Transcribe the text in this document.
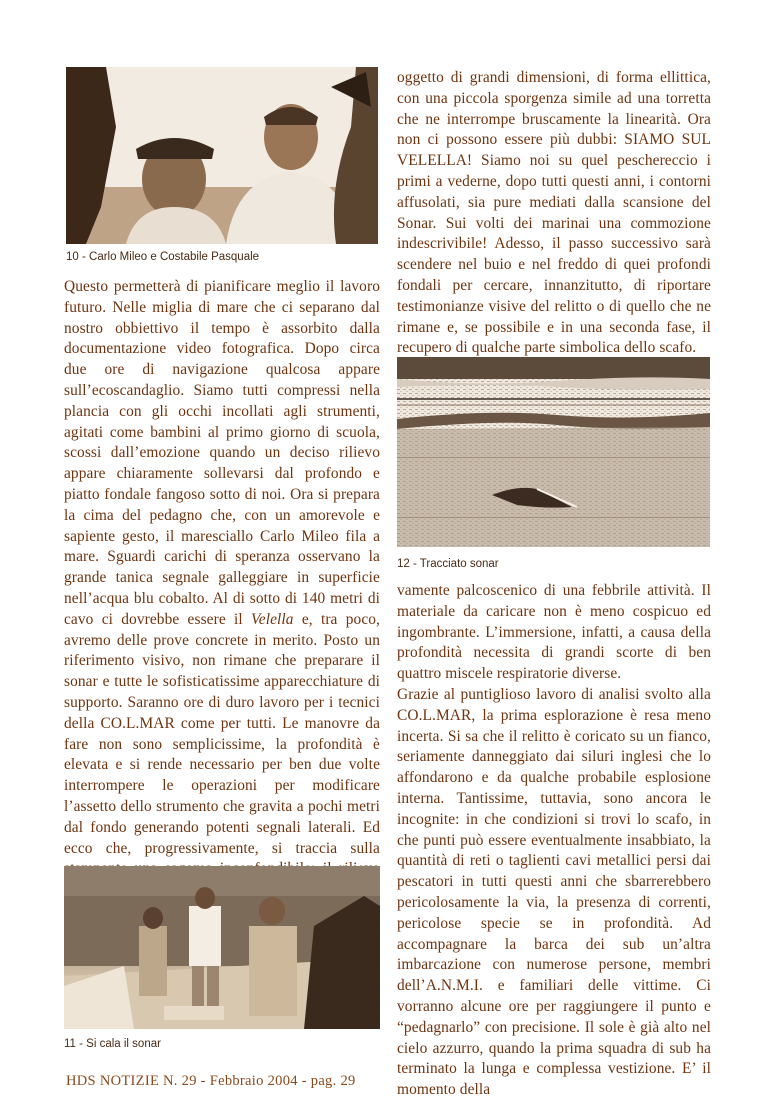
10 - Carlo Mileo e Costabile Pasquale

Questo permetterà di pianificare meglio il lavoro futuro. Nelle miglia di mare che ci separano dal nostro obbiettivo il tempo è assorbito dalla documentazione video fotografica. Dopo circa due ore di navigazione qualcosa appare sull’ecoscandaglio. Siamo tutti compressi nella plancia con gli occhi incollati agli strumenti, agitati come bambini al primo giorno di scuola, scossi dall’emozione quando un deciso rilievo appare chiaramente sollevarsi dal profondo e piatto fondale fangoso sotto di noi. Ora si prepara la cima del pedagno che, con un amorevole e sapiente gesto, il maresciallo Carlo Mileo fila a mare. Sguardi carichi di speranza osservano la grande tanica segnale galleggiare in superficie nell’acqua blu cobalto. Al di sotto di 140 metri di cavo ci dovrebbe essere il Velella e, tra poco, avremo delle prove concrete in merito. Posto un riferimento visivo, non rimane che preparare il sonar e tutte le sofisticatissime apparecchiature di supporto. Saranno ore di duro lavoro per i tecnici della CO.L.MAR come per tutti. Le manovre da fare non sono semplicissime, la profondità è elevata e si rende necessario per ben due volte interrompere le operazioni per modificare l’assetto dello strumento che gravita a pochi metri dal fondo generando potenti segnali laterali. Ed ecco che, progressivamente, si traccia sulla

11 - Si cala il sonar

oggetto di grandi dimensioni, di forma ellittica, con una piccola sporgenza simile ad una torretta che ne interrompe bruscamente la linearità. Ora non ci possono essere più dubbi: SIAMO SUL VELELLA! Siamo noi su quel peschereccio i primi a vederne, dopo tutti questi anni, i contorni affusolati, sia pure mediati dalla scansione del Sonar. Sui volti dei marinai una commozione indescrivibile! Adesso, il passo successivo sarà scendere nel buio e nel freddo di quei profondi fondali per cercare, innanzitutto, di riportare testimonianze visive del relitto o di quello che ne rimane e, se possibile e in una seconda fase, il recupero di qualche parte simbolica dello scafo.

12 - Tracciato sonar

vamente palcoscenico di una febbrile attività. Il materiale da caricare non è meno cospicuo ed ingombrante. L’immersione, infatti, a causa della profondità necessita di grandi scorte di ben quattro miscele respiratorie diverse.

Grazie al puntiglioso lavoro di analisi svolto alla CO.L.MAR, la prima esplorazione è resa meno incerta. Si sa che il relitto è coricato su un fianco, seriamente danneggiato dai siluri inglesi che lo affondarono e da qualche probabile esplosione interna. Tantissime, tuttavia, sono ancora le incognite: in che condizioni si trovi lo scafo, in che punti può essere eventualmente insabbiato, la quantità di reti o taglienti cavi metallici persi dai pescatori in tutti questi anni che sbarrerebbero pericolosamente la via, la presenza di correnti, pericolose specie se in profondità. Ad accompagnare la barca dei sub un’altra imbarcazione con numerose persone, membri dell’A.N.M.I. e familiari delle vittime. Ci vorranno alcune ore per raggiungere il punto e “pedagnarlo” con precisione. Il sole è già alto nel cielo azzurro, quando la prima squadra di sub ha terminato la lunga e complessa vestizione. E’ il momento della

HDS NOTIZIE N. 29 - Febbraio 2004 - pag. 29
